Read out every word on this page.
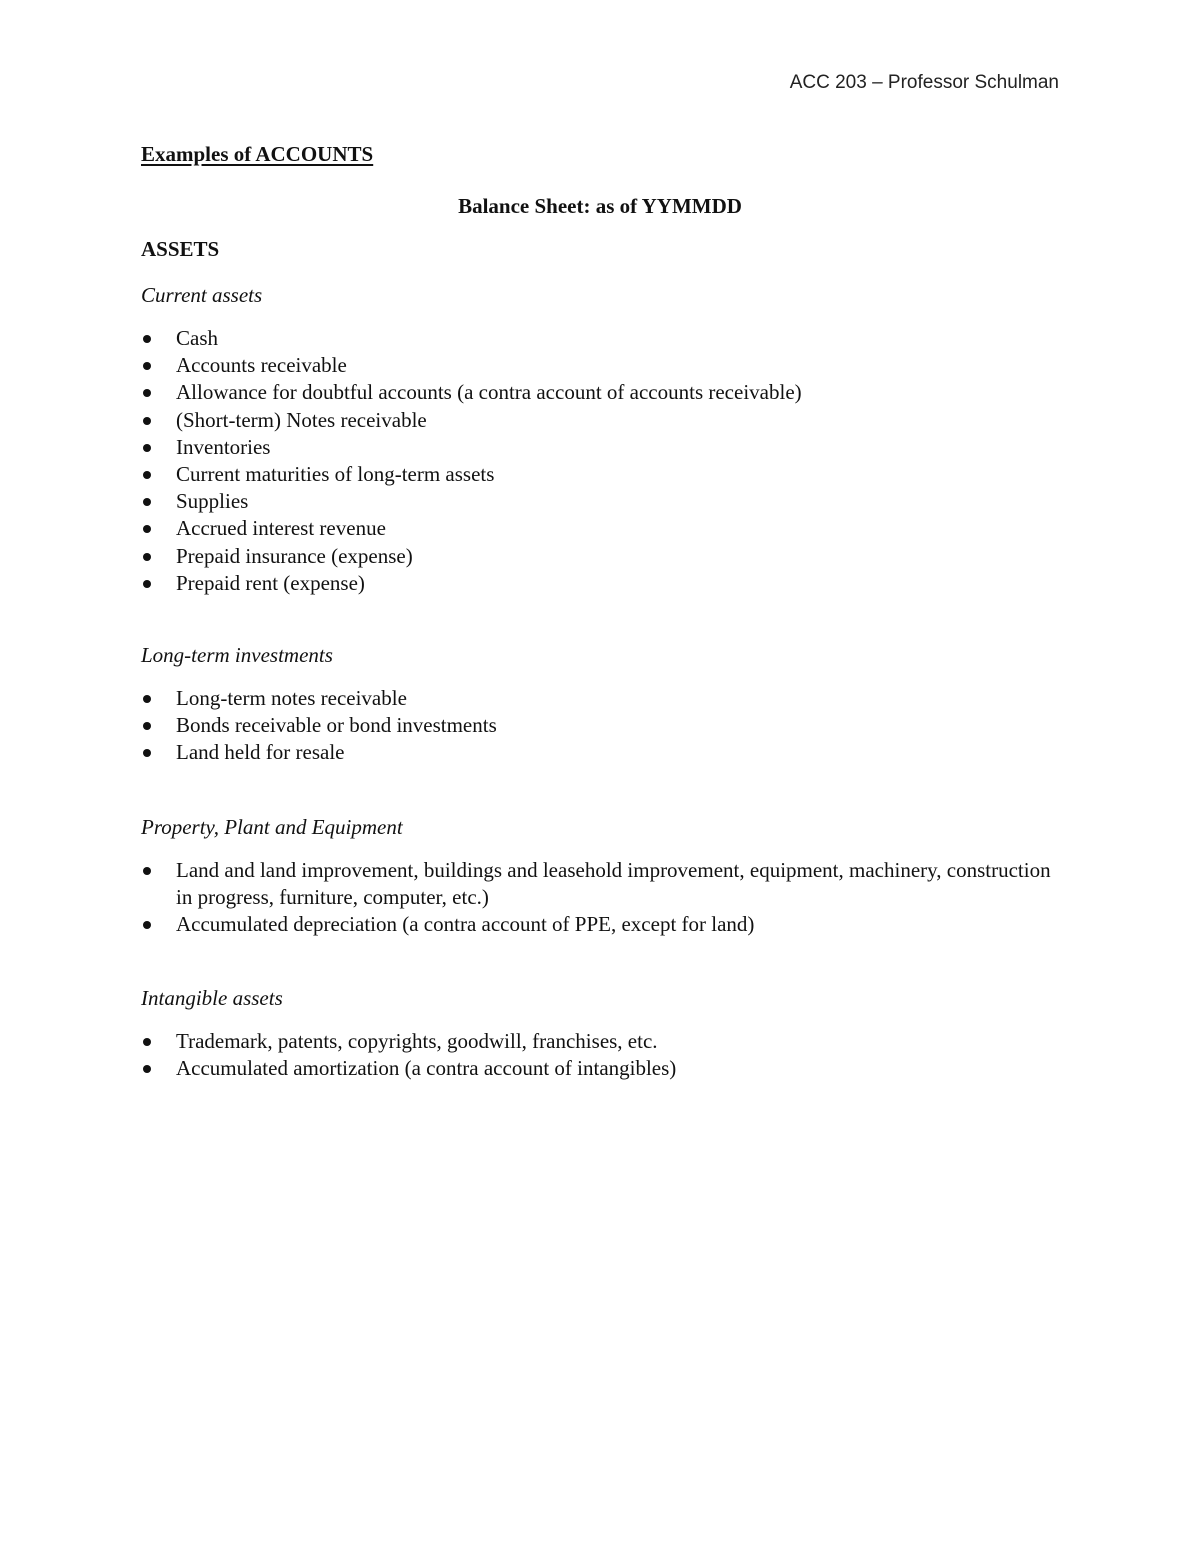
ACC 203 – Professor Schulman
Examples of ACCOUNTS
Balance Sheet: as of YYMMDD
ASSETS
Current assets
Cash
Accounts receivable
Allowance for doubtful accounts (a contra account of accounts receivable)
(Short-term) Notes receivable
Inventories
Current maturities of long-term assets
Supplies
Accrued interest revenue
Prepaid insurance (expense)
Prepaid rent (expense)
Long-term investments
Long-term notes receivable
Bonds receivable or bond investments
Land held for resale
Property, Plant and Equipment
Land and land improvement, buildings and leasehold improvement, equipment, machinery, construction in progress, furniture, computer, etc.)
Accumulated depreciation (a contra account of PPE, except for land)
Intangible assets
Trademark, patents, copyrights, goodwill, franchises, etc.
Accumulated amortization (a contra account of intangibles)
